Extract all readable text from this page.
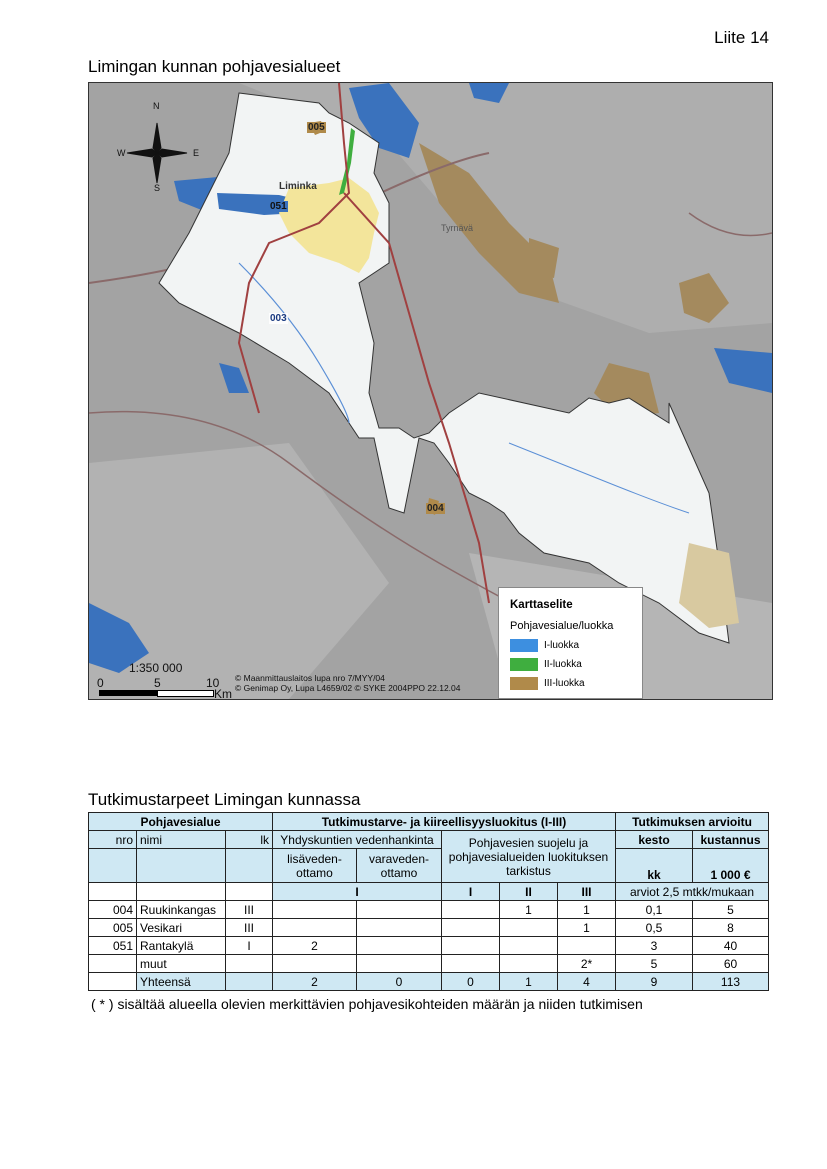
Liite 14
Limingan kunnan pohjavesialueet
N
S
E
W
005
051
003
004
Liminka
Tyrnävä
1:350 000
0	5	10
Km
© Maanmittauslaitos lupa nro 7/MYY/04
© Genimap Oy, Lupa L4659/02 © SYKE 2004PPO 22.12.04
Karttaselite
Pohjavesialue/luokka
I-luokka
II-luokka
III-luokka
Tutkimustarpeet Limingan kunnassa
Pohjavesialue			Tutkimustarve- ja kiireellisyysluokitus (I-III)					Tutkimuksen arvioitu	
nro	nimi	lk	Yhdyskuntien vedenhankinta		Pohjavesien suojelu ja pohjavesialueiden luokituksen tarkistus			kesto	kustannus
			lisäveden-ottamo	varaveden-ottamo				kk	1 000 €
			I		I	II	III	arviot 2,5 mtkk/mukaan	
004	Ruukinkangas	III				1	1	0,1	5
005	Vesikari	III					1	0,5	8
051	Rantakylä	I	2					3	40
	muut						2*	5	60
	Yhteensä		2	0	0	1	4	9	113
( * ) sisältää alueella olevien merkittävien pohjavesikohteiden määrän ja niiden tutkimisen
